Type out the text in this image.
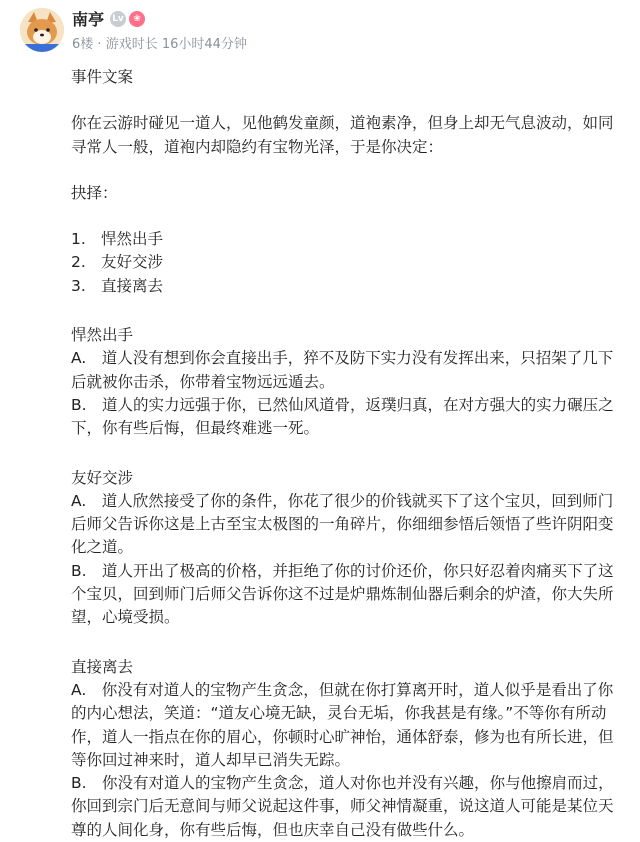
南亭 Lv	❀
6楼 · 游戏时长 16小时44分钟

事件文案

你在云游时碰见一道人，见他鹤发童颜，道袍素净，但身上却无气息波动，如同寻常人一般，道袍内却隐约有宝物光泽，于是你决定：

抉择：

1. 悍然出手

2. 友好交涉

3. 直接离去

悍然出手

A.　道人没有想到你会直接出手，猝不及防下实力没有发挥出来，只招架了几下后就被你击杀，你带着宝物远远遁去。

B.　道人的实力远强于你，已然仙风道骨，返璞归真，在对方强大的实力碾压之下，你有些后悔，但最终难逃一死。

友好交涉

A.　道人欣然接受了你的条件，你花了很少的价钱就买下了这个宝贝，回到师门后师父告诉你这是上古至宝太极图的一角碎片，你细细参悟后领悟了些许阴阳变化之道。

B.　道人开出了极高的价格，并拒绝了你的讨价还价，你只好忍着肉痛买下了这个宝贝，回到师门后师父告诉你这不过是炉鼎炼制仙器后剩余的炉渣，你大失所望，心境受损。

直接离去

A.　你没有对道人的宝物产生贪念，但就在你打算离开时，道人似乎是看出了你的内心想法，笑道：“道友心境无缺，灵台无垢，你我甚是有缘。”不等你有所动作，道人一指点在你的眉心，你顿时心旷神怡，通体舒泰，修为也有所长进，但等你回过神来时，道人却早已消失无踪。

B.　你没有对道人的宝物产生贪念，道人对你也并没有兴趣，你与他擦肩而过，你回到宗门后无意间与师父说起这件事，师父神情凝重，说这道人可能是某位天尊的人间化身，你有些后悔，但也庆幸自己没有做些什么。
